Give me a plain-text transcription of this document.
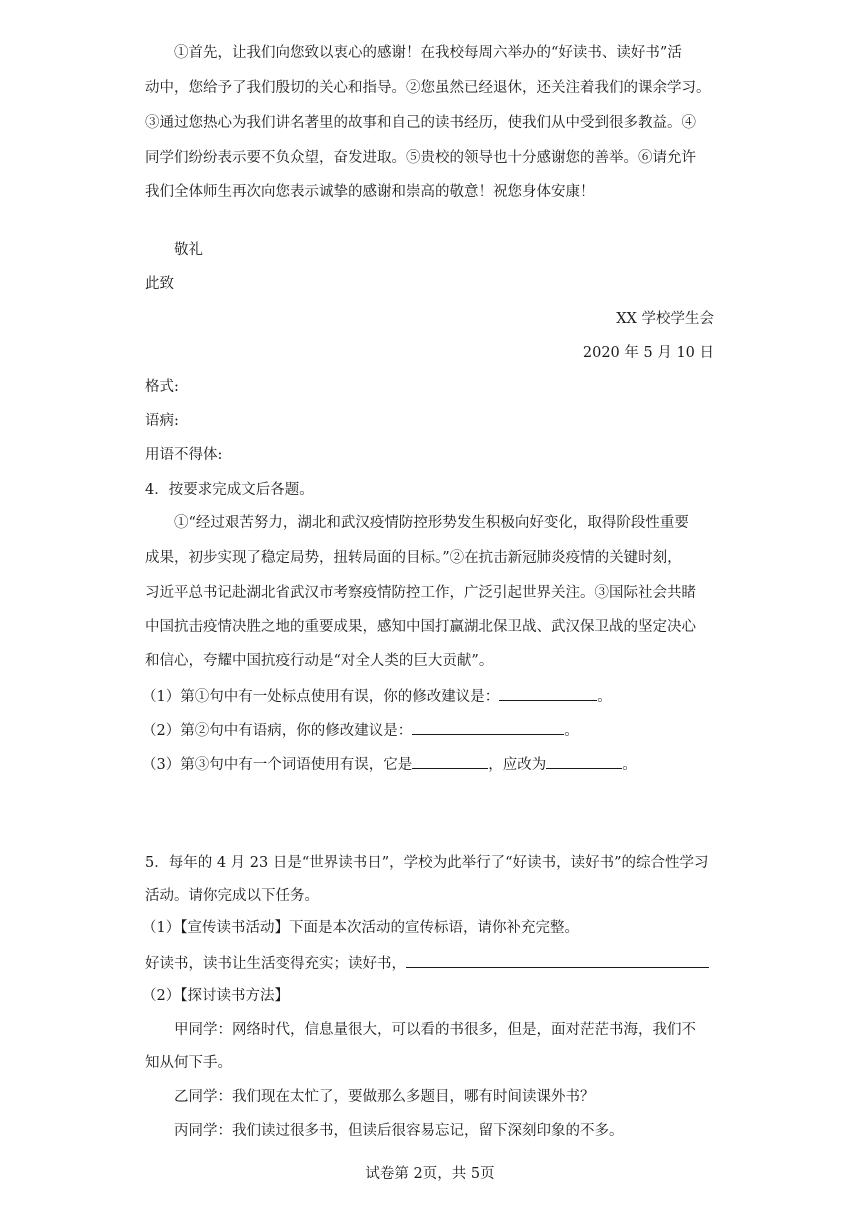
①首先，让我们向您致以衷心的感谢！在我校每周六举办的“好读书、读好书”活
动中，您给予了我们殷切的关心和指导。②您虽然已经退休，还关注着我们的课余学习。
③通过您热心为我们讲名著里的故事和自己的读书经历，使我们从中受到很多教益。④
同学们纷纷表示要不负众望，奋发进取。⑤贵校的领导也十分感谢您的善举。⑥请允许
我们全体师生再次向您表示诚挚的感谢和崇高的敬意！祝您身体安康！
敬礼
此致
XX 学校学生会
2020 年 5 月 10 日
格式:
语病:
用语不得体:
4．按要求完成文后各题。
①“经过艰苦努力，湖北和武汉疫情防控形势发生积极向好变化，取得阶段性重要
成果，初步实现了稳定局势，扭转局面的目标。”②在抗击新冠肺炎疫情的关键时刻，
习近平总书记赴湖北省武汉市考察疫情防控工作，广泛引起世界关注。③国际社会共睹
中国抗击疫情决胜之地的重要成果，感知中国打赢湖北保卫战、武汉保卫战的坚定决心
和信心，夸耀中国抗疫行动是“对全人类的巨大贡献”。
（1）第①句中有一处标点使用有误，你的修改建议是：	。
（2）第②句中有语病，你的修改建议是：	。
（3）第③句中有一个词语使用有误，它是	，应改为	。
5．每年的 4 月 23 日是“世界读书日”，学校为此举行了“好读书，读好书”的综合性学习
活动。请你完成以下任务。
（1）【宣传读书活动】下面是本次活动的宣传标语，请你补充完整。
好读书，读书让生活变得充实；读好书，
（2）【探讨读书方法】
甲同学：网络时代，信息量很大，可以看的书很多，但是，面对茫茫书海，我们不
知从何下手。
乙同学：我们现在太忙了，要做那么多题目，哪有时间读课外书？
丙同学：我们读过很多书，但读后很容易忘记，留下深刻印象的不多。
试卷第 2页，共 5页
